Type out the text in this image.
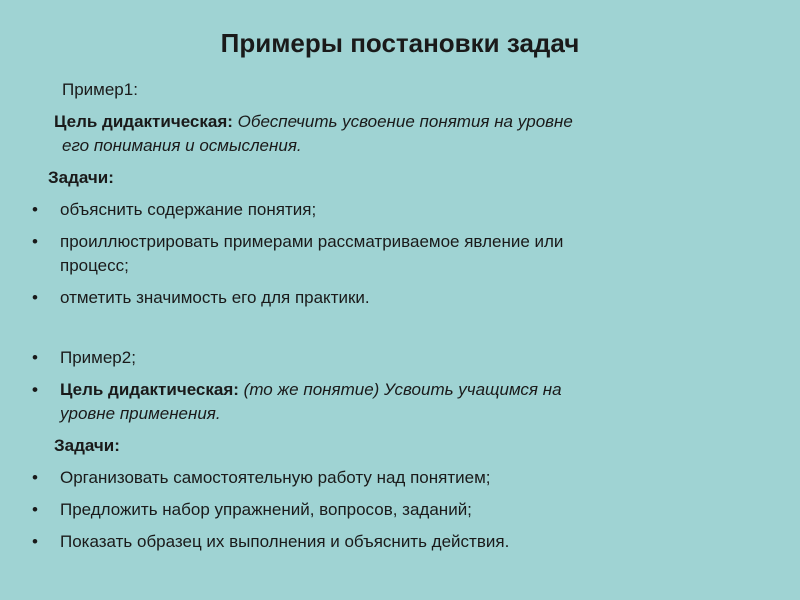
Примеры постановки задач
Пример1:
Цель дидактическая: Обеспечить усвоение понятия на уровне
его понимания и осмысления.
Задачи:
• объяснить содержание понятия;
• проиллюстрировать примерами рассматриваемое явление или
процесс;
• отметить значимость его для практики.
• Пример2;
• Цель дидактическая: (то же понятие) Усвоить учащимся на
уровне применения.
Задачи:
• Организовать самостоятельную работу над понятием;
• Предложить набор упражнений, вопросов, заданий;
• Показать образец их выполнения и объяснить действия.
